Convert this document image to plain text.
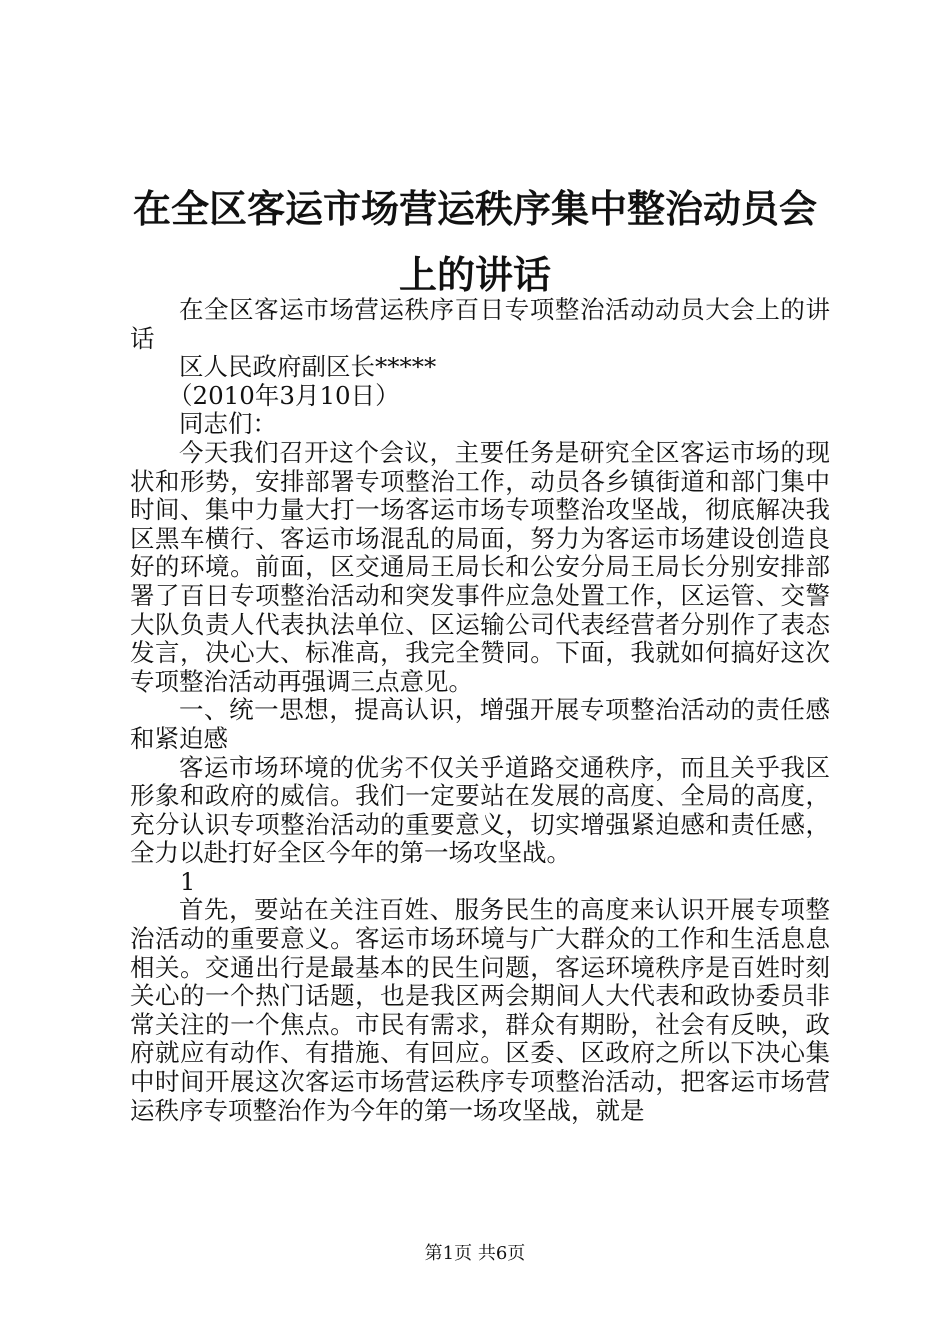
在全区客运市场营运秩序集中整治动员会上的讲话

在全区客运市场营运秩序百日专项整治活动动员大会上的讲话

区人民政府副区长*****

（2010年3月10日）

同志们：

今天我们召开这个会议，主要任务是研究全区客运市场的现状和形势，安排部署专项整治工作，动员各乡镇街道和部门集中时间、集中力量大打一场客运市场专项整治攻坚战，彻底解决我区黑车横行、客运市场混乱的局面，努力为客运市场建设创造良好的环境。前面，区交通局王局长和公安分局王局长分别安排部署了百日专项整治活动和突发事件应急处置工作，区运管、交警大队负责人代表执法单位、区运输公司代表经营者分别作了表态发言，决心大、标准高，我完全赞同。下面，我就如何搞好这次专项整治活动再强调三点意见。

一、统一思想，提高认识，增强开展专项整治活动的责任感和紧迫感

客运市场环境的优劣不仅关乎道路交通秩序，而且关乎我区形象和政府的威信。我们一定要站在发展的高度、全局的高度，充分认识专项整治活动的重要意义，切实增强紧迫感和责任感，全力以赴打好全区今年的第一场攻坚战。

1

首先，要站在关注百姓、服务民生的高度来认识开展专项整治活动的重要意义。客运市场环境与广大群众的工作和生活息息相关。交通出行是最基本的民生问题，客运环境秩序是百姓时刻关心的一个热门话题，也是我区两会期间人大代表和政协委员非常关注的一个焦点。市民有需求，群众有期盼，社会有反映，政府就应有动作、有措施、有回应。区委、区政府之所以下决心集中时间开展这次客运市场营运秩序专项整治活动，把客运市场营运秩序专项整治作为今年的第一场攻坚战，就是

第1页 共6页
